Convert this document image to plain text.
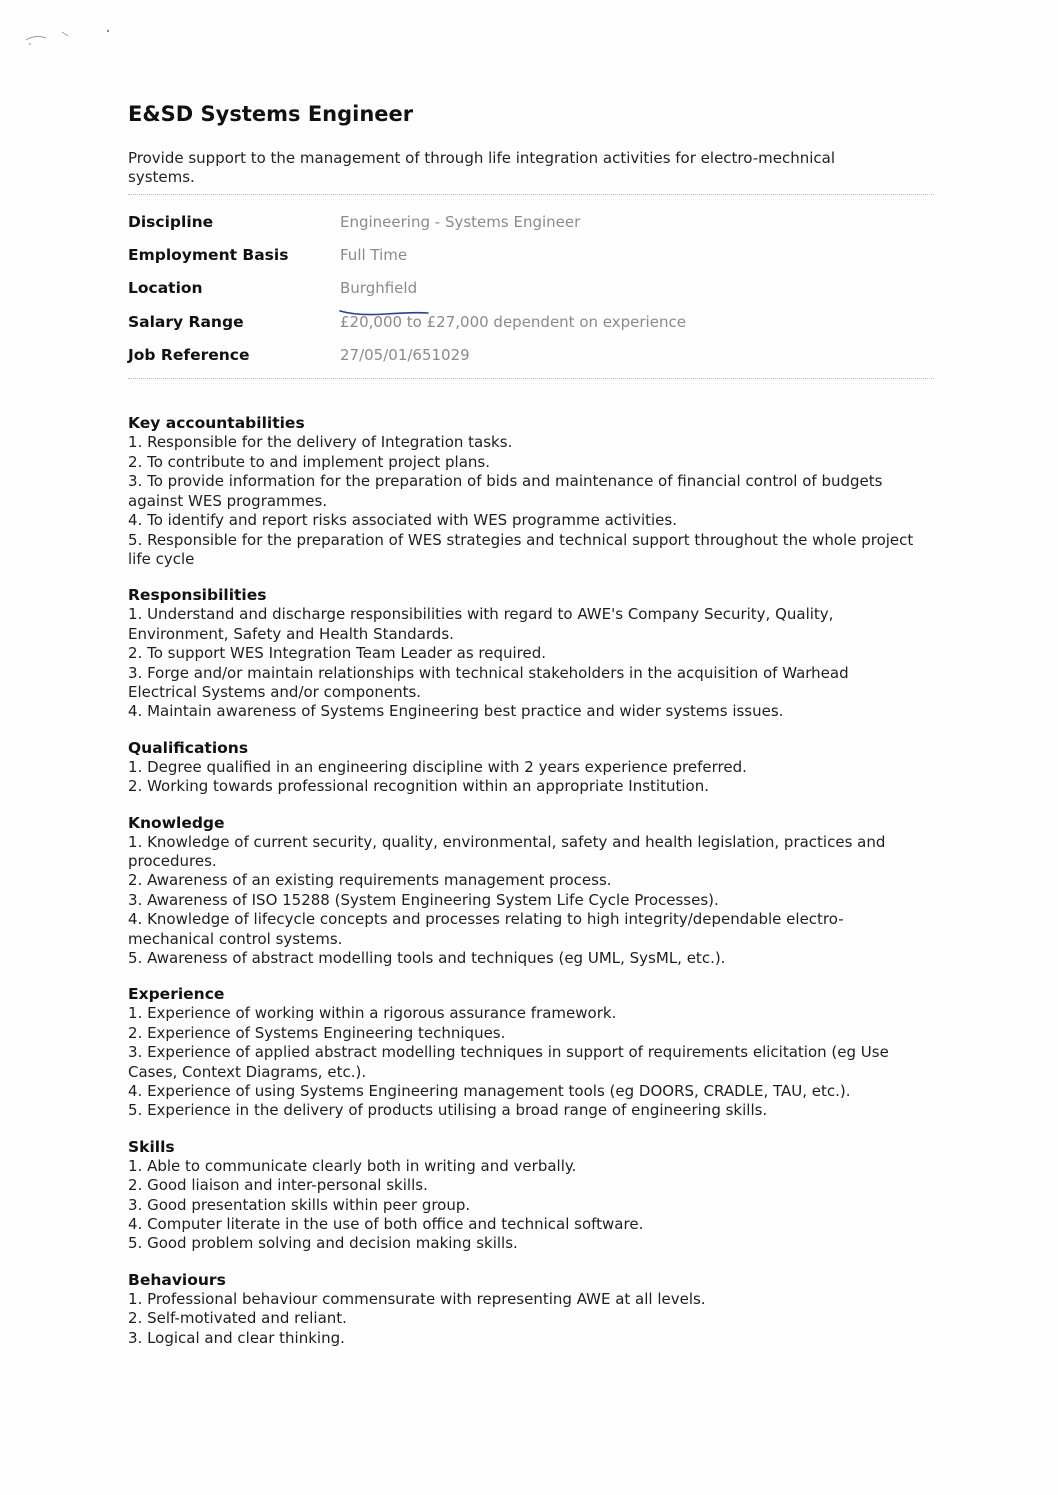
E&SD Systems Engineer

Provide support to the management of through life integration activities for electro-mechnical systems.

Discipline	Engineering - Systems Engineer
Employment Basis	Full Time
Location	Burghfield
Salary Range	£20,000 to £27,000 dependent on experience
Job Reference	27/05/01/651029
Key accountabilities
1. Responsible for the delivery of Integration tasks.
2. To contribute to and implement project plans.
3. To provide information for the preparation of bids and maintenance of financial control of budgets against WES programmes.
4. To identify and report risks associated with WES programme activities.
5. Responsible for the preparation of WES strategies and technical support throughout the whole project life cycle
Responsibilities
1. Understand and discharge responsibilities with regard to AWE's Company Security, Quality, Environment, Safety and Health Standards.
2. To support WES Integration Team Leader as required.
3. Forge and/or maintain relationships with technical stakeholders in the acquisition of Warhead Electrical Systems and/or components.
4. Maintain awareness of Systems Engineering best practice and wider systems issues.
Qualifications
1. Degree qualified in an engineering discipline with 2 years experience preferred.
2. Working towards professional recognition within an appropriate Institution.
Knowledge
1. Knowledge of current security, quality, environmental, safety and health legislation, practices and procedures.
2. Awareness of an existing requirements management process.
3. Awareness of ISO 15288 (System Engineering System Life Cycle Processes).
4. Knowledge of lifecycle concepts and processes relating to high integrity/dependable electro-mechanical control systems.
5. Awareness of abstract modelling tools and techniques (eg UML, SysML, etc.).
Experience
1. Experience of working within a rigorous assurance framework.
2. Experience of Systems Engineering techniques.
3. Experience of applied abstract modelling techniques in support of requirements elicitation (eg Use Cases, Context Diagrams, etc.).
4. Experience of using Systems Engineering management tools (eg DOORS, CRADLE, TAU, etc.).
5. Experience in the delivery of products utilising a broad range of engineering skills.
Skills
1. Able to communicate clearly both in writing and verbally.
2. Good liaison and inter-personal skills.
3. Good presentation skills within peer group.
4. Computer literate in the use of both office and technical software.
5. Good problem solving and decision making skills.
Behaviours
1. Professional behaviour commensurate with representing AWE at all levels.
2. Self-motivated and reliant.
3. Logical and clear thinking.
